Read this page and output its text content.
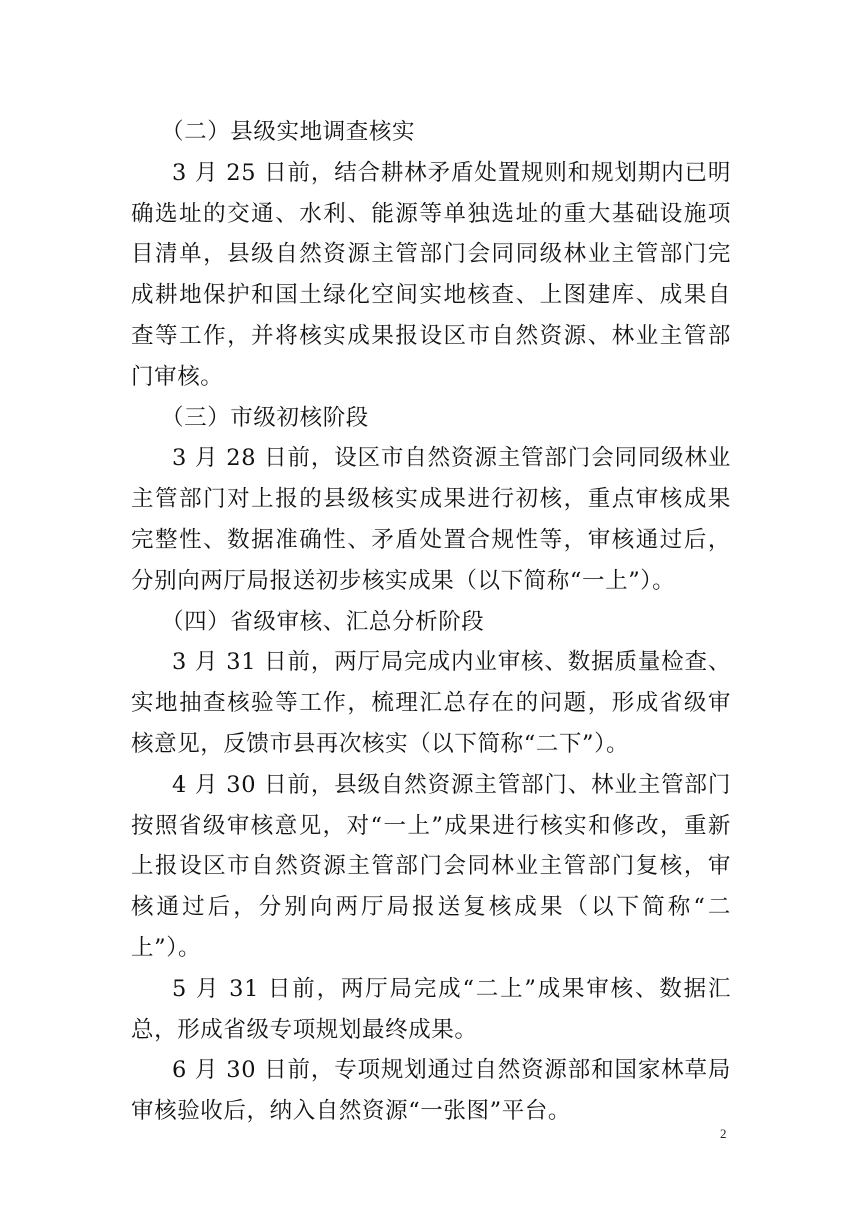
（二）县级实地调查核实

3 月 25 日前，结合耕林矛盾处置规则和规划期内已明确选址的交通、水利、能源等单独选址的重大基础设施项目清单，县级自然资源主管部门会同同级林业主管部门完成耕地保护和国土绿化空间实地核查、上图建库、成果自查等工作，并将核实成果报设区市自然资源、林业主管部门审核。

（三）市级初核阶段

3 月 28 日前，设区市自然资源主管部门会同同级林业主管部门对上报的县级核实成果进行初核，重点审核成果完整性、数据准确性、矛盾处置合规性等，审核通过后，分别向两厅局报送初步核实成果（以下简称“一上”）。

（四）省级审核、汇总分析阶段

3 月 31 日前，两厅局完成内业审核、数据质量检查、实地抽查核验等工作，梳理汇总存在的问题，形成省级审核意见，反馈市县再次核实（以下简称“二下”）。

4 月 30 日前，县级自然资源主管部门、林业主管部门按照省级审核意见，对“一上”成果进行核实和修改，重新上报设区市自然资源主管部门会同林业主管部门复核，审核通过后，分别向两厅局报送复核成果（以下简称“二上”）。

5 月 31 日前，两厅局完成“二上”成果审核、数据汇总，形成省级专项规划最终成果。

6 月 30 日前，专项规划通过自然资源部和国家林草局审核验收后，纳入自然资源“一张图”平台。

2
